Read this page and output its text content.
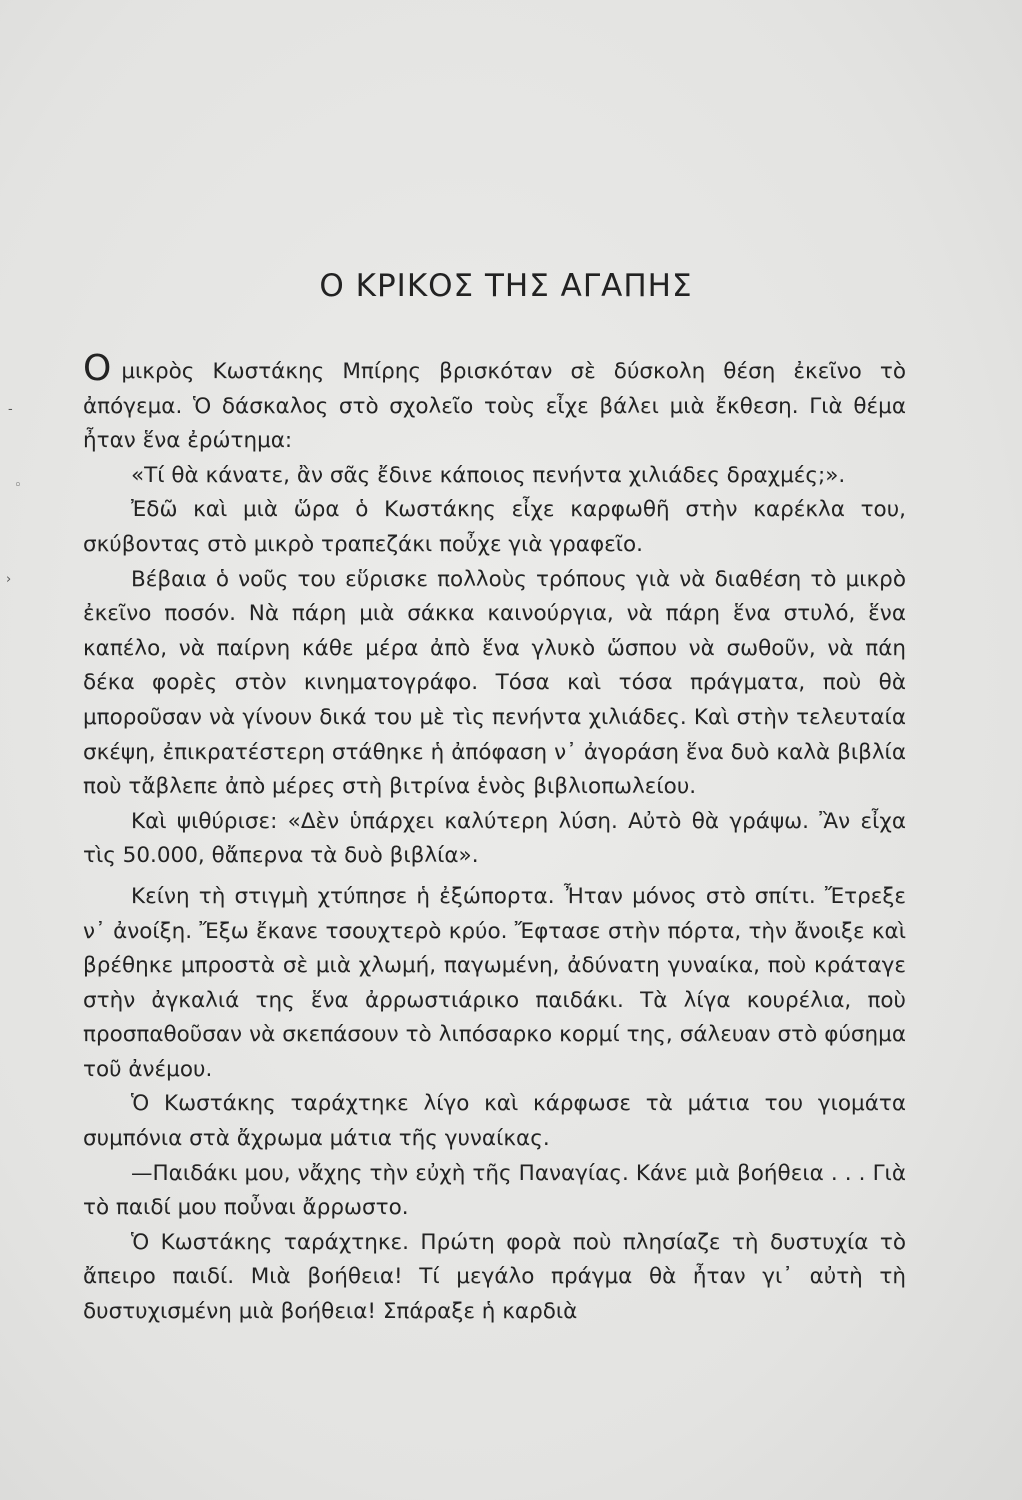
◦
›
-
Ο ΚΡΙΚΟΣ ΤΗΣ ΑΓΑΠΗΣ

Ομικρὸς Κωστάκης Μπίρης βρισκόταν σὲ δύσκολη θέση ἐκεῖνο τὸ ἀπόγεμα. Ὁ δάσκαλος στὸ σχολεῖο τοὺς εἶχε βάλει μιὰ ἔκθεση. Γιὰ θέμα ἦταν ἕνα ἐρώτημα:

«Τί θὰ κάνατε, ἂν σᾶς ἔδινε κάποιος πενήντα χιλιάδες δραχμές;».

Ἐδῶ καὶ μιὰ ὥρα ὁ Κωστάκης εἶχε καρφωθῆ στὴν καρέκλα του, σκύβοντας στὸ μικρὸ τραπεζάκι ποὖχε γιὰ γραφεῖο.

Βέβαια ὁ νοῦς του εὕρισκε πολλοὺς τρόπους γιὰ νὰ διαθέση τὸ μικρὸ ἐκεῖνο ποσόν. Νὰ πάρη μιὰ σάκκα καινούργια, νὰ πάρη ἕνα στυλό, ἕνα καπέλο, νὰ παίρνη κάθε μέρα ἀπὸ ἕνα γλυκὸ ὥσπου νὰ σωθοῦν, νὰ πάη δέκα φορὲς στὸν κινηματογράφο. Τόσα καὶ τόσα πράγματα, ποὺ θὰ μποροῦσαν νὰ γίνουν δικά του μὲ τὶς πενήντα χιλιάδες. Καὶ στὴν τελευταία σκέψη, ἐπικρατέστερη στάθηκε ἡ ἀπόφαση ν᾽ ἀγοράση ἕνα δυὸ καλὰ βιβλία ποὺ τἄβλεπε ἀπὸ μέρες στὴ βιτρίνα ἑνὸς βιβλιοπωλείου.

Καὶ ψιθύρισε: «Δὲν ὑπάρχει καλύτερη λύση. Αὐτὸ θὰ γράψω. Ἂν εἶχα τὶς 50.000, θἄπερνα τὰ δυὸ βιβλία».

Κείνη τὴ στιγμὴ χτύπησε ἡ ἐξώπορτα. Ἦταν μόνος στὸ σπίτι. Ἔτρεξε ν᾽ ἀνοίξη. Ἔξω ἔκανε τσουχτερὸ κρύο. Ἔφτασε στὴν πόρτα, τὴν ἄνοιξε καὶ βρέθηκε μπροστὰ σὲ μιὰ χλωμή, παγωμένη, ἀδύνατη γυναίκα, ποὺ κράταγε στὴν ἀγκαλιά της ἕνα ἀρρωστιάρικο παιδάκι. Τὰ λίγα κουρέλια, ποὺ προσπαθοῦσαν νὰ σκεπάσουν τὸ λιπόσαρκο κορμί της, σάλευαν στὸ φύσημα τοῦ ἀνέμου.

Ὁ Κωστάκης ταράχτηκε λίγο καὶ κάρφωσε τὰ μάτια του γιομάτα συμπόνια στὰ ἄχρωμα μάτια τῆς γυναίκας.

—Παιδάκι μου, νἄχης τὴν εὐχὴ τῆς Παναγίας. Κάνε μιὰ βοήθεια . . . Γιὰ τὸ παιδί μου ποὖναι ἄρρωστο.

Ὁ Κωστάκης ταράχτηκε. Πρώτη φορὰ ποὺ πλησίαζε τὴ δυστυχία τὸ ἄπειρο παιδί. Μιὰ βοήθεια! Τί μεγάλο πράγμα θὰ ἦταν γι᾽ αὐτὴ τὴ δυστυχισμένη μιὰ βοήθεια! Σπάραξε ἡ καρδιὰ
